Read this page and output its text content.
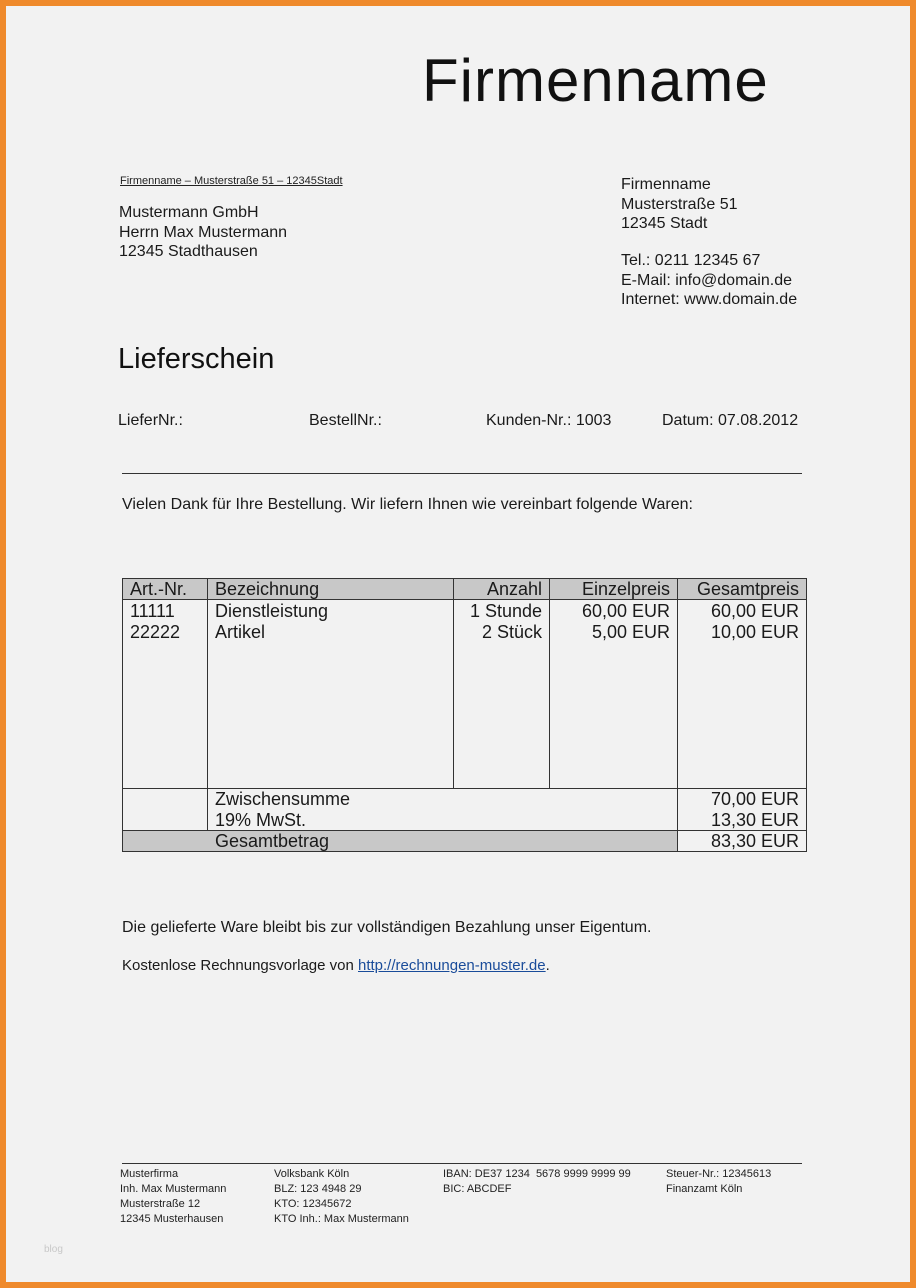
Firmenname
Firmenname – Musterstraße 51 – 12345Stadt
Mustermann GmbH
Herrn Max Mustermann
12345 Stadthausen
Firmenname
Musterstraße 51
12345 Stadt
Tel.: 0211 12345 67
E-Mail: info@domain.de
Internet: www.domain.de
Lieferschein
LieferNr.:	BestellNr.:	Kunden-Nr.: 1003	Datum: 07.08.2012
Vielen Dank für Ihre Bestellung. Wir liefern Ihnen wie vereinbart folgende Waren:
Art.-Nr. Bezeichnung	Anzahl	Einzelpreis	Gesamtpreis
11111 Dienstleistung	1 Stunde	60,00 EUR	60,00 EUR
22222 Artikel	2 Stück	5,00 EUR	10,00 EUR
Zwischensumme	70,00 EUR
19% MwSt.	13,30 EUR
Gesamtbetrag	83,30 EUR
Die gelieferte Ware bleibt bis zur vollständigen Bezahlung unser Eigentum.
Kostenlose Rechnungsvorlage von http://rechnungen-muster.de.
Musterfirma
Inh. Max Mustermann
Musterstraße 12
12345 Musterhausen
Volksbank Köln
BLZ: 123 4948 29
KTO: 12345672
KTO Inh.: Max Mustermann
IBAN: DE37 1234  5678 9999 9999 99
BIC: ABCDEF
Steuer-Nr.: 12345613
Finanzamt Köln
blog
